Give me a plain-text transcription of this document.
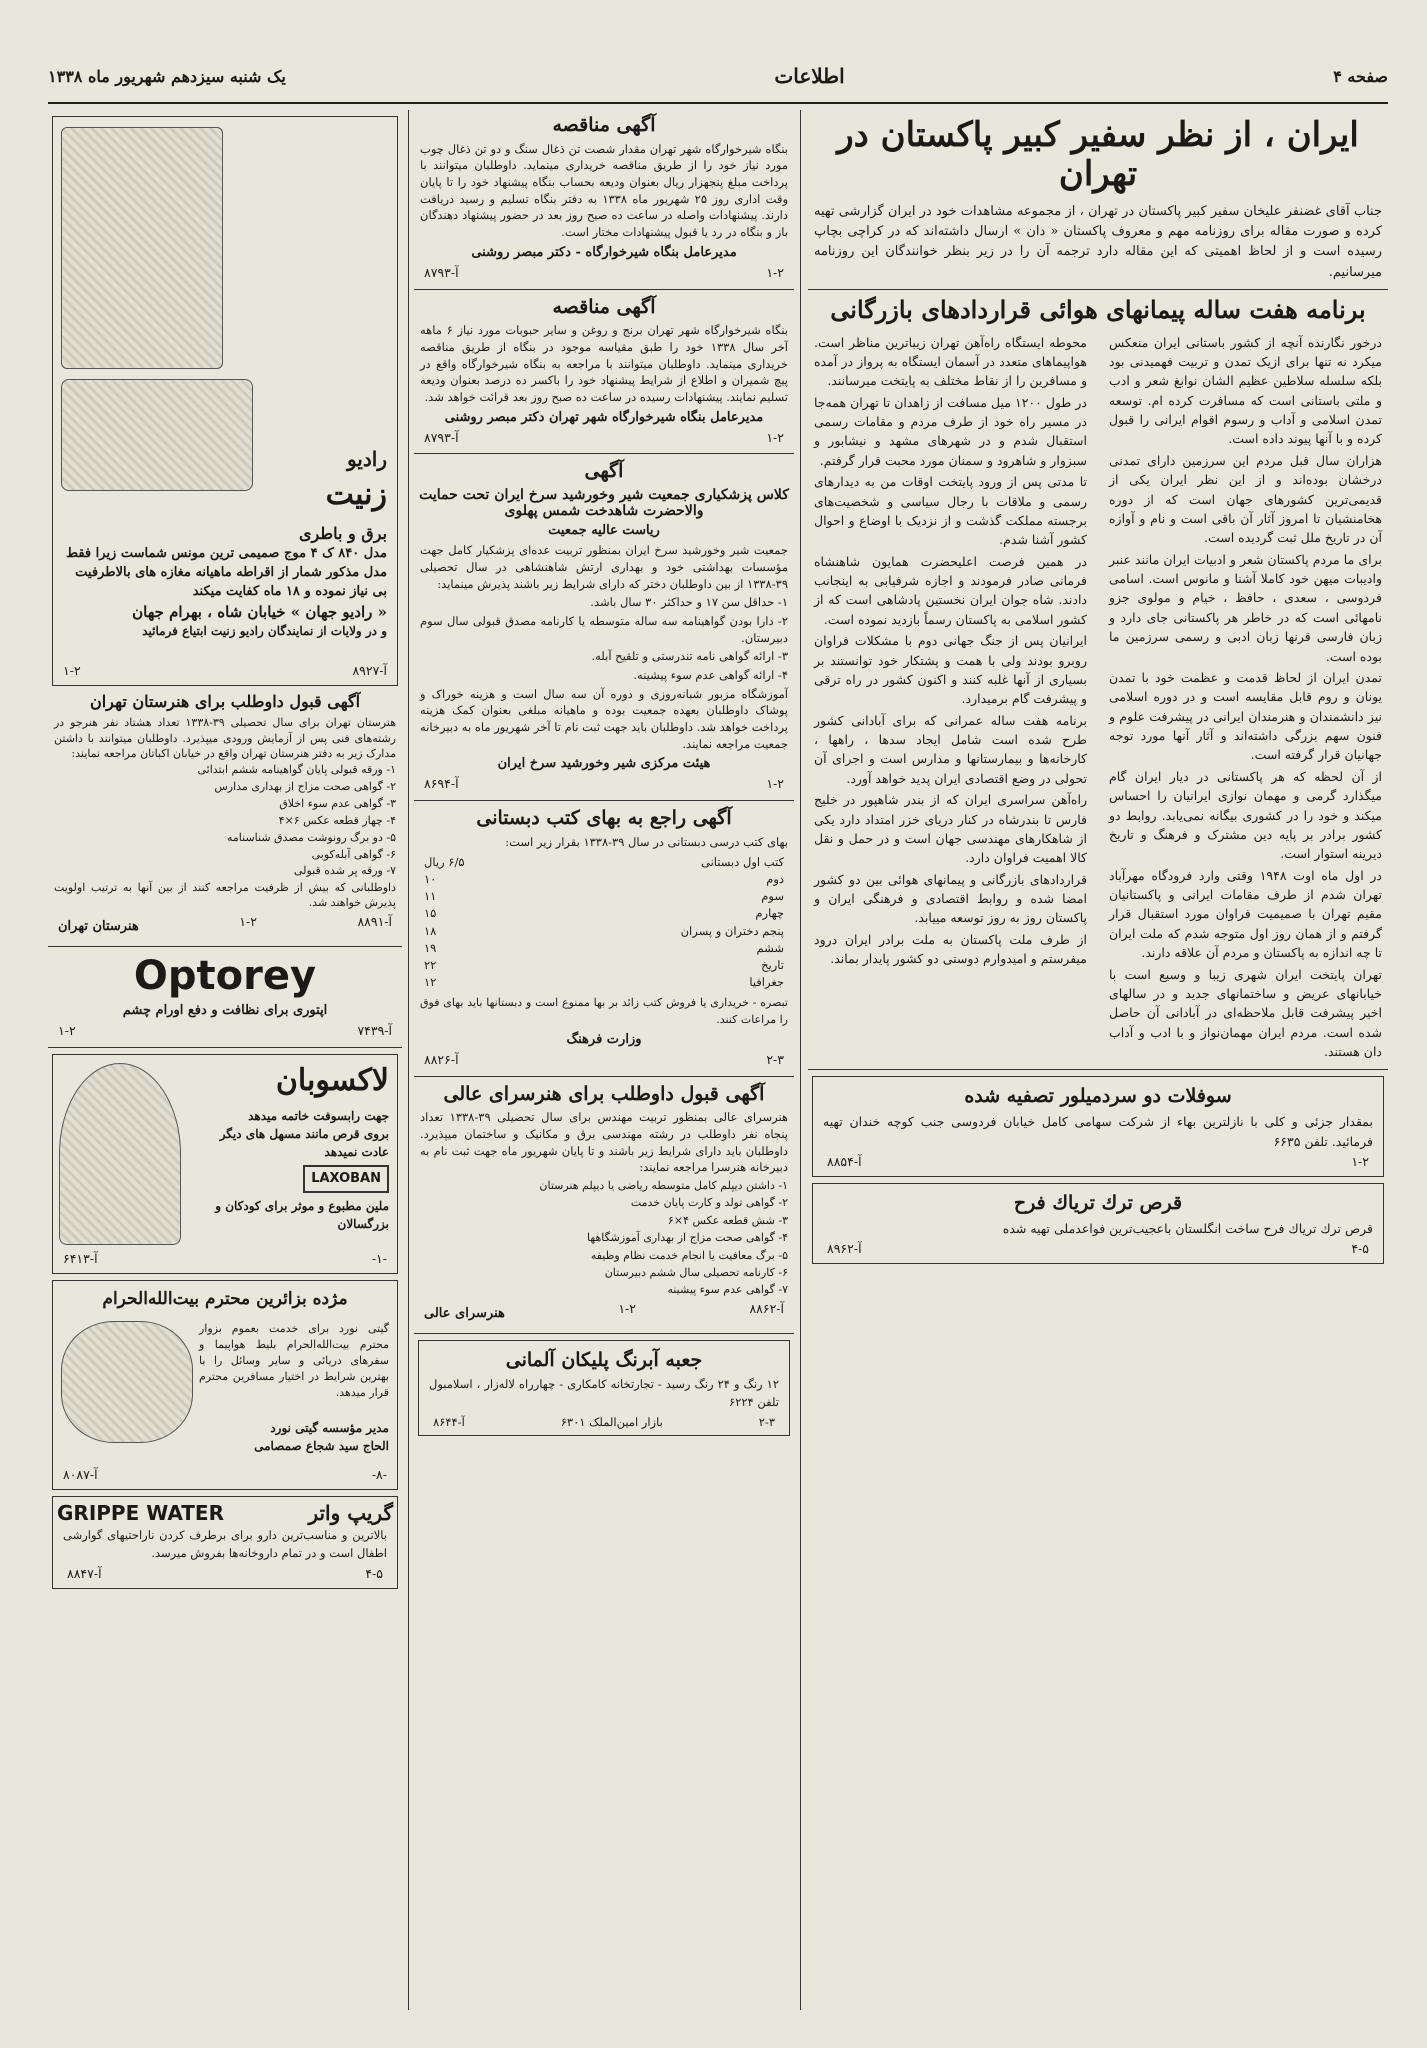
یک شنبه سیزدهم شهریور ماه ۱۳۳۸	اطلاعات	صفحه ۴
ایران ، از نظر سفیر کبیر پاکستان در تهران
جناب آقای غضنفر علیخان سفیر کبیر پاکستان در تهران ، از مجموعه مشاهدات خود در ایران گزارشی تهیه کرده و صورت مقاله برای روزنامه مهم و معروف پاکستان « دان » ارسال داشته‌اند که در کراچی بچاپ رسیده است و از لحاظ اهمیتی که این مقاله دارد ترجمه آن را در زیر بنظر خوانندگان این روزنامه میرسانیم.
برنامه هفت ساله پیمانهای هوائی قراردادهای بازرگانی
درخور نگارنده آنچه از کشور باستانی ایران منعکس میکرد نه تنها برای ازیک تمدن و تربیت فهمیدنی بود بلکه سلسله سلاطین عظیم الشان نوابغ شعر و ادب و ملتی باستانی است که مسافرت کرده ام. توسعه تمدن اسلامی و آداب و رسوم اقوام ایرانی را قبول کرده و با آنها پیوند داده است.
هزاران سال قبل مردم این سرزمین دارای تمدنی درخشان بوده‌اند و از این نظر ایران یکی از قدیمی‌ترین کشورهای جهان است که از دوره هخامنشیان تا امروز آثار آن باقی است و نام و آوازه آن در تاریخ ملل ثبت گردیده است.
برای ما مردم پاکستان شعر و ادبیات ایران مانند عنبر وادیبات میهن خود کاملا آشنا و مانوس است. اسامی فردوسی ، سعدی ، حافظ ، خیام و مولوی جزو نامهائی است که در خاطر هر پاکستانی جای دارد و زبان فارسی قرنها زبان ادبی و رسمی سرزمین ما بوده است.
تمدن ایران از لحاظ قدمت و عظمت خود با تمدن یونان و روم قابل مقایسه است و در دوره اسلامی نیز دانشمندان و هنرمندان ایرانی در پیشرفت علوم و فنون سهم بزرگی داشته‌اند و آثار آنها مورد توجه جهانیان قرار گرفته است.
از آن لحظه که هر پاکستانی در دیار ایران گام میگذارد گرمی و مهمان نوازی ایرانیان را احساس میکند و خود را در کشوری بیگانه نمی‌یابد. روابط دو کشور برادر بر پایه دین مشترک و فرهنگ و تاریخ دیرینه استوار است.
در اول ماه اوت ۱۹۴۸ وقتی وارد فرودگاه مهرآباد تهران شدم از طرف مقامات ایرانی و پاکستانیان مقیم تهران با صمیمیت فراوان مورد استقبال قرار گرفتم و از همان روز اول متوجه شدم که ملت ایران تا چه اندازه به پاکستان و مردم آن علاقه دارند.
تهران پایتخت ایران شهری زیبا و وسیع است با خیابانهای عریض و ساختمانهای جدید و در سالهای اخیر پیشرفت قابل ملاحظه‌ای در آبادانی آن حاصل شده است. مردم ایران مهمان‌نواز و با ادب و آداب دان هستند.
محوطه ایستگاه راه‌آهن تهران زیباترین مناظر است. هواپیماهای متعدد در آسمان ایستگاه به پرواز در آمده و مسافرین را از نقاط مختلف به پایتخت میرسانند.
در طول ۱۲۰۰ میل مسافت از زاهدان تا تهران همه‌جا در مسیر راه خود از طرف مردم و مقامات رسمی استقبال شدم و در شهرهای مشهد و نیشابور و سبزوار و شاهرود و سمنان مورد محبت قرار گرفتم.
تا مدتی پس از ورود پایتخت اوقات من به دیدارهای رسمی و ملاقات با رجال سیاسی و شخصیت‌های برجسته مملکت گذشت و از نزدیک با اوضاع و احوال کشور آشنا شدم.
در همین فرصت اعلیحضرت همایون شاهنشاه فرمانی صادر فرمودند و اجازه شرفیابی به اینجانب دادند. شاه جوان ایران نخستین پادشاهی است که از کشور اسلامی به پاکستان رسماً بازدید نموده است.
ایرانیان پس از جنگ جهانی دوم با مشکلات فراوان روبرو بودند ولی با همت و پشتکار خود توانستند بر بسیاری از آنها غلبه کنند و اکنون کشور در راه ترقی و پیشرفت گام برمیدارد.
برنامه هفت ساله عمرانی که برای آبادانی کشور طرح شده است شامل ایجاد سدها ، راهها ، کارخانه‌ها و بیمارستانها و مدارس است و اجرای آن تحولی در وضع اقتصادی ایران پدید خواهد آورد.
راه‌آهن سراسری ایران که از بندر شاهپور در خلیج فارس تا بندرشاه در کنار دریای خزر امتداد دارد یکی از شاهکارهای مهندسی جهان است و در حمل و نقل کالا اهمیت فراوان دارد.
قراردادهای بازرگانی و پیمانهای هوائی بین دو کشور امضا شده و روابط اقتصادی و فرهنگی ایران و پاکستان روز به روز توسعه مییابد.
از طرف ملت پاکستان به ملت برادر ایران درود میفرستم و امیدوارم دوستی دو کشور پایدار بماند.
سوفلات دو سردمیلور تصفیه شده
بمقدار جزئی و کلی با نازلترین بهاء از شرکت سهامی کامل خیابان فردوسی جنب کوچه خندان تهیه فرمائید. تلفن ۶۶۳۵
۱-۲
آ-۸۸۵۴
قرص ترك تریاك فرح
قرص ترك تریاك فرح ساخت انگلستان باعجیب‌ترین فواعدملی تهیه شده
۴-۵
آ-۸۹۶۲
آگهی مناقصه
بنگاه شیرخوارگاه شهر تهران مقدار شصت تن ذغال سنگ و دو تن ذغال چوب مورد نیاز خود را از طریق مناقصه خریداری مینماید. داوطلبان میتوانند با پرداخت مبلغ پنجهزار ریال بعنوان ودیعه بحساب بنگاه پیشنهاد خود را تا پایان وقت اداری روز ۲۵ شهریور ماه ۱۳۳۸ به دفتر بنگاه تسلیم و رسید دریافت دارند. پیشنهادات واصله در ساعت ده صبح روز بعد در حضور پیشنهاد دهندگان باز و بنگاه در رد یا قبول پیشنهادات مختار است.
مدیرعامل بنگاه شیرخوارگاه - دکتر مبصر روشنی
۱-۲
آ-۸۷۹۳
آگهی مناقصه
بنگاه شیرخوارگاه شهر تهران برنج و روغن و سایر حبوبات مورد نیاز ۶ ماهه آخر سال ۱۳۳۸ خود را طبق مقیاسه موجود در بنگاه از طریق مناقصه خریداری مینماید. داوطلبان میتوانند با مراجعه به بنگاه شیرخوارگاه واقع در پیچ شمیران و اطلاع از شرایط پیشنهاد خود را باکسر ده درصد بعنوان ودیعه تسلیم نمایند. پیشنهادات رسیده در ساعت ده صبح روز بعد قرائت خواهد شد.
مدیرعامل بنگاه شیرخوارگاه شهر تهران دکتر مبصر روشنی
۱-۲
آ-۸۷۹۳
آگهی
کلاس پزشکیاری جمعیت شیر وخورشید سرخ ایران تحت حمایت والاحضرت شاهدخت شمس پهلوی
ریاست عالیه جمعیت
جمعیت شیر وخورشید سرخ ایران بمنظور تربیت عده‌ای پزشکیار کامل جهت مؤسسات بهداشتی خود و بهداری ارتش شاهنشاهی در سال تحصیلی ۳۹-۱۳۳۸ از بین داوطلبان دختر که دارای شرایط زیر باشند پذیرش مینماید:
۱- حداقل سن ۱۷ و حداکثر ۳۰ سال باشد.
۲- دارا بودن گواهینامه سه ساله متوسطه یا کارنامه مصدق قبولی سال سوم دبیرستان.
۳- ارائه گواهی نامه تندرستی و تلقیح آبله.
۴- ارائه گواهی عدم سوء پیشینه.
آموزشگاه مزبور شبانه‌روزی و دوره آن سه سال است و هزینه خوراک و پوشاک داوطلبان بعهده جمعیت بوده و ماهیانه مبلغی بعنوان کمک هزینه پرداخت خواهد شد. داوطلبان باید جهت ثبت نام تا آخر شهریور ماه به دبیرخانه جمعیت مراجعه نمایند.
هیئت مرکزی شیر وخورشید سرخ ایران
۱-۲
آ-۸۶۹۴
آگهی راجع به بهای کتب دبستانی
بهای کتب درسی دبستانی در سال ۳۹-۱۳۳۸ بقرار زیر است:
کتب اول دبستانی
۶/۵ ریال
دوم
۱۰
سوم
۱۱
چهارم
۱۵
پنجم دختران و پسران
۱۸
ششم
۱۹
تاریخ
۲۲
جغرافیا
۱۲
تبصره - خریداری یا فروش کتب زائد بر بها ممنوع است و دبستانها باید بهای فوق را مراعات کنند.
وزارت فرهنگ
۲-۳
آ-۸۸۲۶
آگهی قبول داوطلب برای هنرسرای عالی
هنرسرای عالی بمنظور تربیت مهندس برای سال تحصیلی ۳۹-۱۳۳۸ تعداد پنجاه نفر داوطلب در رشته مهندسی برق و مکانیک و ساختمان میپذیرد. داوطلبان باید دارای شرایط زیر باشند و تا پایان شهریور ماه جهت ثبت نام به دبیرخانه هنرسرا مراجعه نمایند:
۱- داشتن دیپلم کامل متوسطه ریاضی یا دیپلم هنرستان
۲- گواهی تولد و کارت پایان خدمت
۳- شش قطعه عکس ۴×۶
۴- گواهی صحت مزاج از بهداری آموزشگاهها
۵- برگ معافیت یا انجام خدمت نظام وظیفه
۶- کارنامه تحصیلی سال ششم دبیرستان
۷- گواهی عدم سوء پیشینه
آ-۸۸۶۲
۱-۲
هنرسرای عالی
جعبه آبرنگ پلیکان آلمانی
۱۲ رنگ و ۲۴ رنگ رسید - تجارتخانه کامکاری - چهارراه لاله‌زار ، اسلامبول تلفن ۶۲۲۴
۲-۳
بازار امین‌الملک ۶۳۰۱
آ-۸۶۴۴
رادیو
زنیت
برق و باطری
مدل ۸۴۰ ک ۴ موج صمیمی ترین مونس شماست زیرا فقط
مدل مذکور شمار از اقراطه ماهیانه مغازه های بالاطرفیت
بی نیاز نموده و ۱۸ ماه کفایت میکند
« رادیو جهان » خیابان شاه ، بهرام جهان
و در ولایات از نمایندگان رادیو زنیت ابتیاع فرمائید
آ-۸۹۲۷
۱-۲
آگهی قبول داوطلب برای هنرستان تهران
هنرستان تهران برای سال تحصیلی ۳۹-۱۳۳۸ تعداد هشتاد نفر هنرجو در رشته‌های فنی پس از آزمایش ورودی میپذیرد. داوطلبان میتوانند با داشتن مدارک زیر به دفتر هنرستان تهران واقع در خیابان اکباتان مراجعه نمایند:
۱- ورقه قبولی پایان گواهینامه ششم ابتدائی
۲- گواهی صحت مزاج از بهداری مدارس
۳- گواهی عدم سوء اخلاق
۴- چهار قطعه عکس ۶×۴
۵- دو برگ رونوشت مصدق شناسنامه
۶- گواهی آبله‌کوبی
۷- ورقه پر شده قبولی
داوطلبانی که بیش از ظرفیت مراجعه کنند از بین آنها به ترتیب اولویت پذیرش خواهند شد.
آ-۸۸۹۱
۱-۲
هنرستان تهران
Optorey
اپتوری برای نظافت و دفع اورام چشم
آ-۷۴۳۹
۱-۲
لاکسوبان
جهت رابسوفت خاتمه میدهد
بروی قرص مانند مسهل های دیگر عادت نمیدهد
LAXOBAN
ملین مطبوع و موثر برای کودکان و بزرگسالان
-۱-
آ-۶۴۱۳
مژده بزائرین محترم بیت‌الله‌الحرام
گیتی نورد برای خدمت بعموم بزوار محترم بیت‌الله‌الحرام بلیط هواپیما و سفرهای دریائی و سایر وسائل را با بهترین شرایط در اختیار مسافرین محترم قرار میدهد.
مدیر مؤسسه گیتی نورد
الحاج سید شجاع صمصامی
-۸-
آ-۸۰۸۷
گریپ واتر
GRIPPE WATER
بالاترین و مناسب‌ترین دارو برای برطرف کردن ناراحتیهای گوارشی اطفال است و در تمام داروخانه‌ها بفروش میرسد.
۴-۵
آ-۸۸۴۷
